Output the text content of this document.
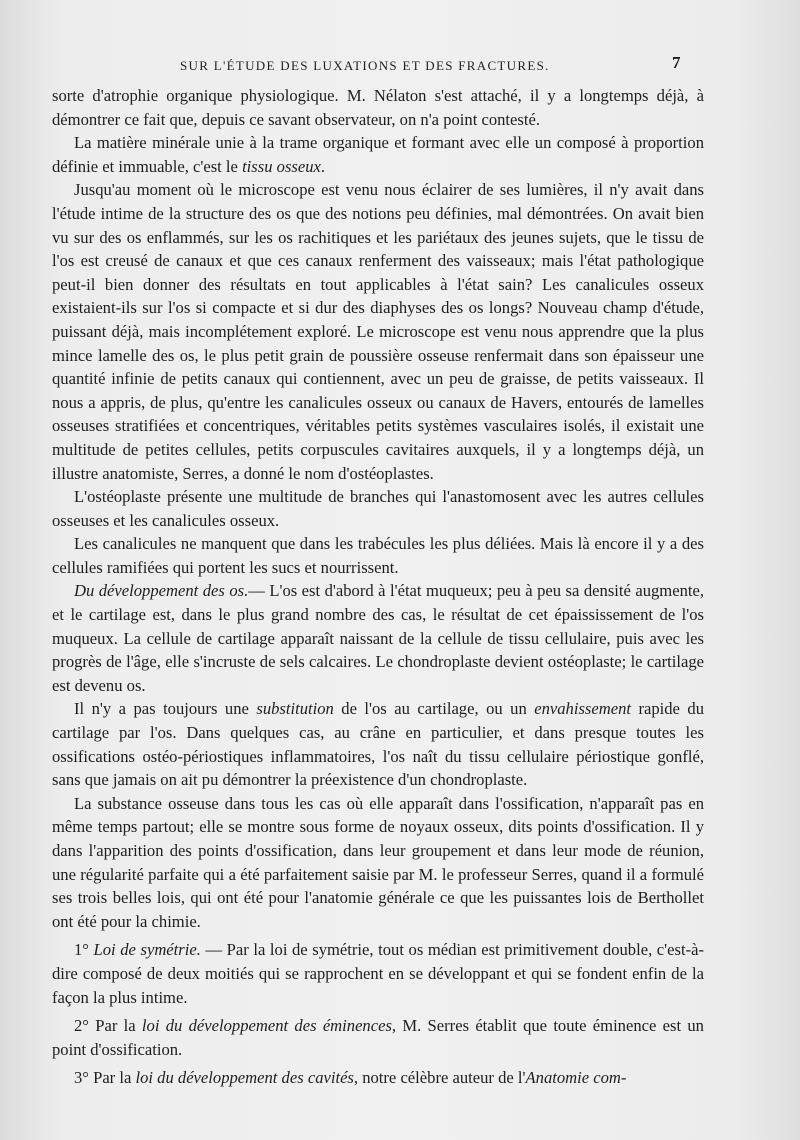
SUR L'ÉTUDE DES LUXATIONS ET DES FRACTURES.	7

sorte d'atrophie organique physiologique. M. Nélaton s'est attaché, il y a longtemps déjà, à démontrer ce fait que, depuis ce savant observateur, on n'a point contesté.

La matière minérale unie à la trame organique et formant avec elle un composé à proportion définie et immuable, c'est le tissu osseux.

Jusqu'au moment où le microscope est venu nous éclairer de ses lumières, il n'y avait dans l'étude intime de la structure des os que des notions peu définies, mal démontrées. On avait bien vu sur des os enflammés, sur les os rachitiques et les pariétaux des jeunes sujets, que le tissu de l'os est creusé de canaux et que ces canaux renferment des vaisseaux; mais l'état pathologique peut-il bien donner des résultats en tout applicables à l'état sain? Les canalicules osseux existaient-ils sur l'os si compacte et si dur des diaphyses des os longs? Nouveau champ d'étude, puissant déjà, mais incomplétement exploré. Le microscope est venu nous apprendre que la plus mince lamelle des os, le plus petit grain de poussière osseuse renfermait dans son épaisseur une quantité infinie de petits canaux qui contiennent, avec un peu de graisse, de petits vaisseaux. Il nous a appris, de plus, qu'entre les canalicules osseux ou canaux de Havers, entourés de lamelles osseuses stratifiées et concentriques, véritables petits systèmes vasculaires isolés, il existait une multitude de petites cellules, petits corpuscules cavitaires auxquels, il y a longtemps déjà, un illustre anatomiste, Serres, a donné le nom d'ostéoplastes.

L'ostéoplaste présente une multitude de branches qui l'anastomosent avec les autres cellules osseuses et les canalicules osseux.

Les canalicules ne manquent que dans les trabécules les plus déliées. Mais là encore il y a des cellules ramifiées qui portent les sucs et nourrissent.

Du développement des os.— L'os est d'abord à l'état muqueux; peu à peu sa densité augmente, et le cartilage est, dans le plus grand nombre des cas, le résultat de cet épaississement de l'os muqueux. La cellule de cartilage apparaît naissant de la cellule de tissu cellulaire, puis avec les progrès de l'âge, elle s'incruste de sels calcaires. Le chondroplaste devient ostéoplaste; le cartilage est devenu os.

Il n'y a pas toujours une substitution de l'os au cartilage, ou un envahissement rapide du cartilage par l'os. Dans quelques cas, au crâne en particulier, et dans presque toutes les ossifications ostéo-périostiques inflammatoires, l'os naît du tissu cellulaire périostique gonflé, sans que jamais on ait pu démontrer la préexistence d'un chondroplaste.

La substance osseuse dans tous les cas où elle apparaît dans l'ossification, n'apparaît pas en même temps partout; elle se montre sous forme de noyaux osseux, dits points d'ossification. Il y dans l'apparition des points d'ossification, dans leur groupement et dans leur mode de réunion, une régularité parfaite qui a été parfaitement saisie par M. le professeur Serres, quand il a formulé ses trois belles lois, qui ont été pour l'anatomie générale ce que les puissantes lois de Berthollet ont été pour la chimie.

1° Loi de symétrie. — Par la loi de symétrie, tout os médian est primitivement double, c'est-à-dire composé de deux moitiés qui se rapprochent en se développant et qui se fondent enfin de la façon la plus intime.

2° Par la loi du développement des éminences, M. Serres établit que toute éminence est un point d'ossification.

3° Par la loi du développement des cavités, notre célèbre auteur de l'Anatomie com-
